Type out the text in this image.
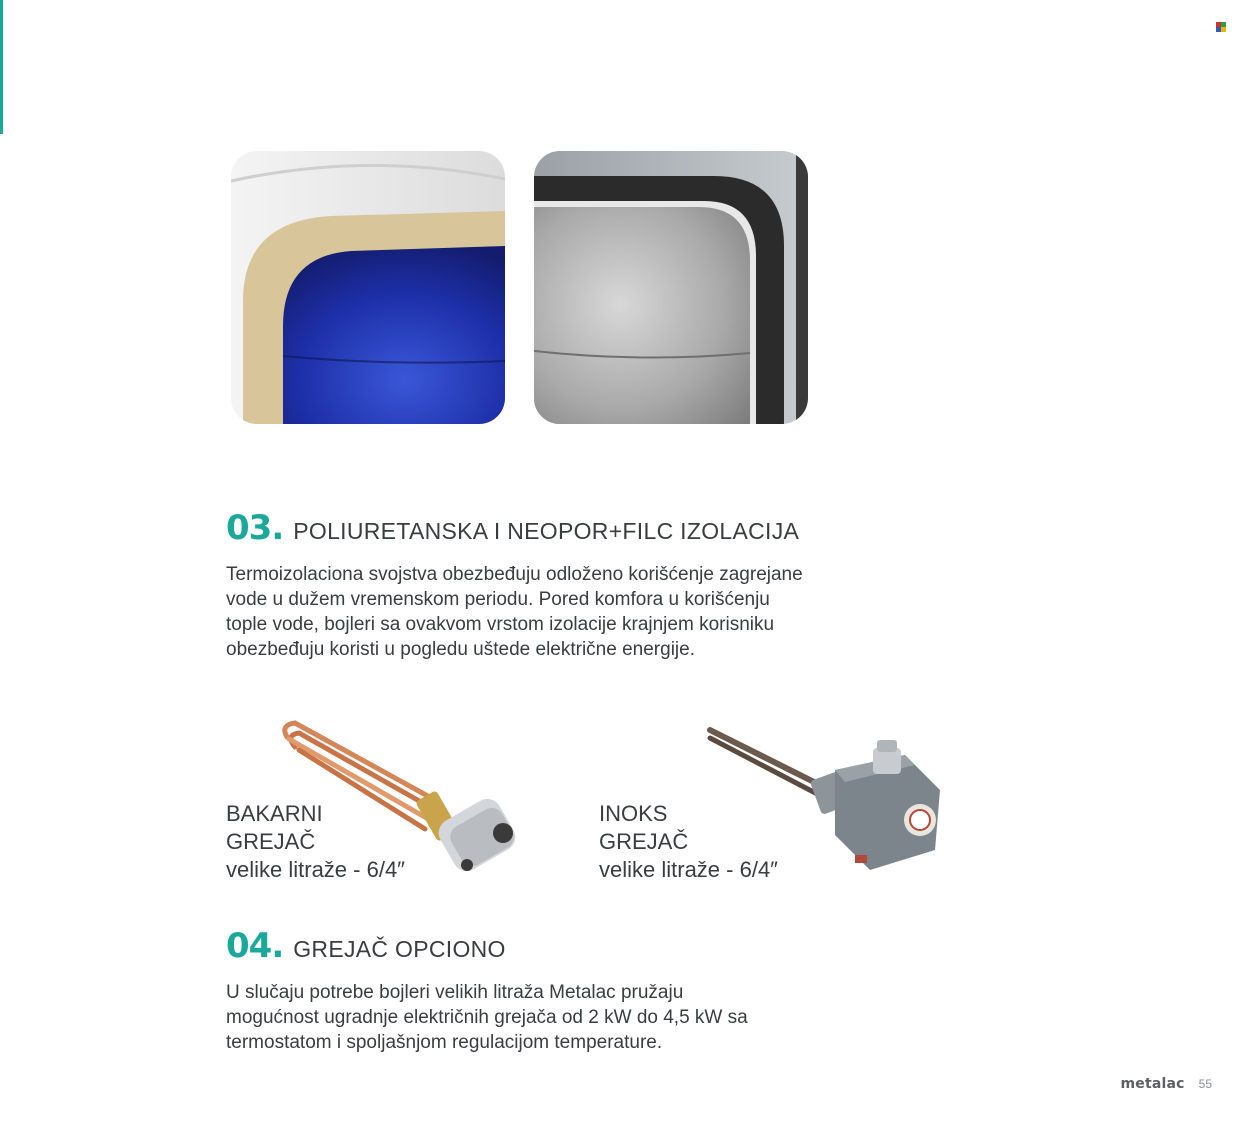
03. POLIURETANSKA I NEOPOR+FILC IZOLACIJA

Termoizolaciona svojstva obezbeđuju odloženo korišćenje zagrejane
vode u dužem vremenskom periodu. Pored komfora u korišćenju
tople vode, bojleri sa ovakvom vrstom izolacije krajnjem korisniku
obezbeđuju koristi u pogledu uštede električne energije.

BAKARNI
GREJAČ
velike litraže - 6/4″
INOKS
GREJAČ
velike litraže - 6/4″
04. GREJAČ OPCIONO

U slučaju potrebe bojleri velikih litraža Metalac pružaju
mogućnost ugradnje električnih grejača od 2 kW do 4,5 kW sa
termostatom i spoljašnjom regulacijom temperature.

metalac 55
